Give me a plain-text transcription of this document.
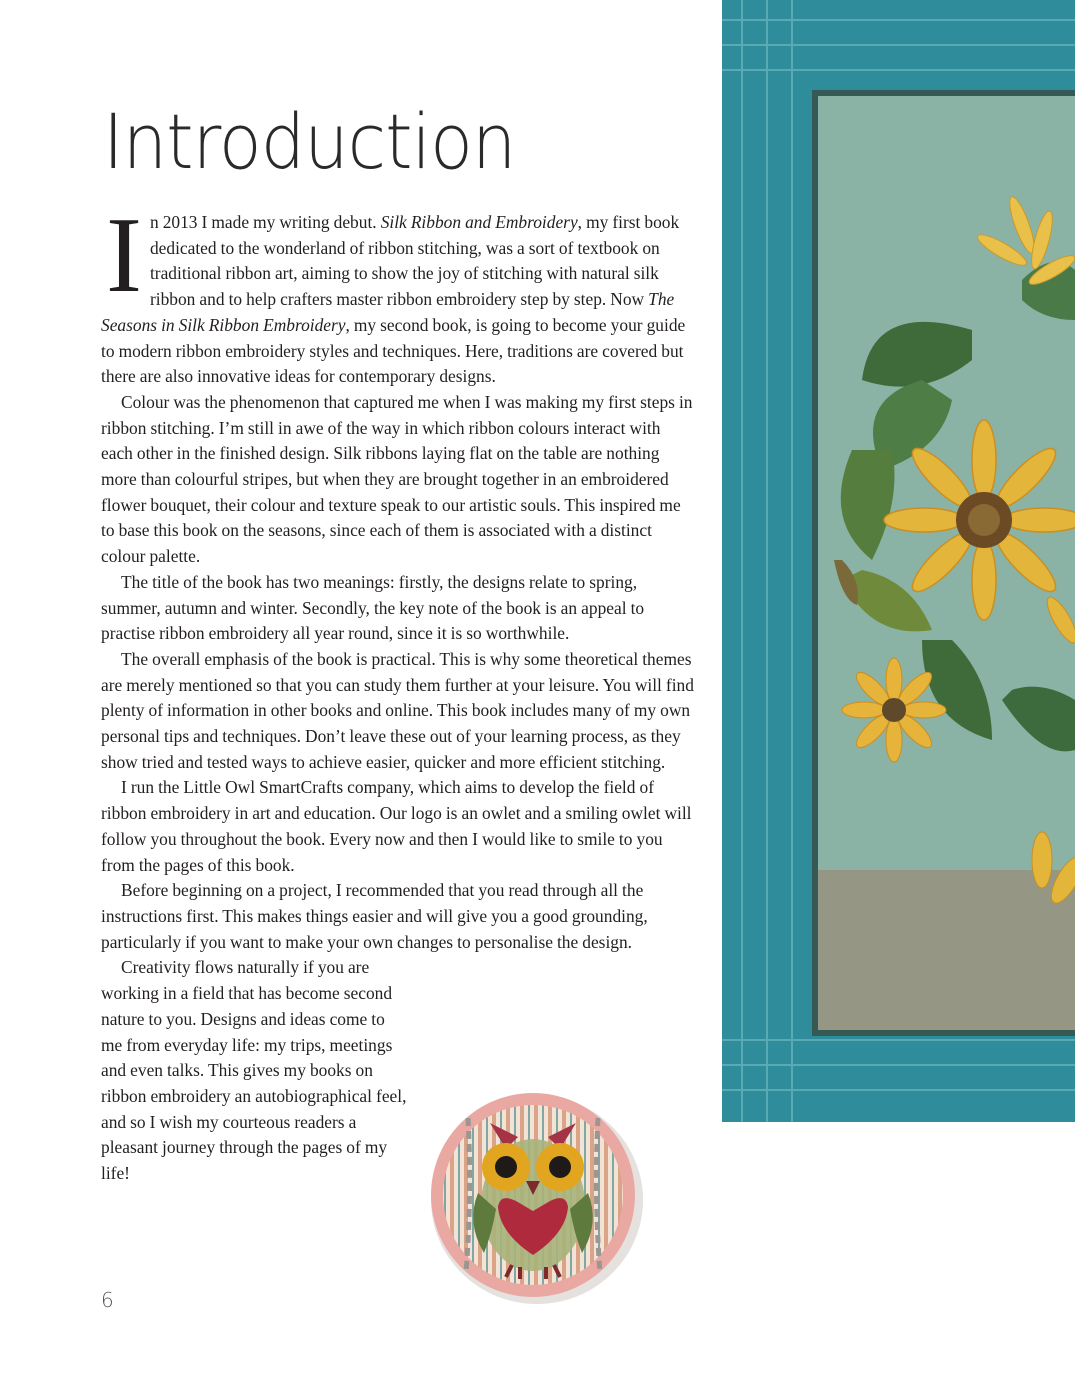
Introduction

In 2013 I made my writing debut. Silk Ribbon and Embroidery, my first book dedicated to the wonderland of ribbon stitching, was a sort of textbook on traditional ribbon art, aiming to show the joy of stitching with natural silk ribbon and to help crafters master ribbon embroidery step by step. Now The Seasons in Silk Ribbon Embroidery, my second book, is going to become your guide to modern ribbon embroidery styles and techniques. Here, traditions are covered but there are also innovative ideas for contemporary designs.

Colour was the phenomenon that captured me when I was making my first steps in ribbon stitching. I’m still in awe of the way in which ribbon colours interact with each other in the finished design. Silk ribbons laying flat on the table are nothing more than colourful stripes, but when they are brought together in an embroidered flower bouquet, their colour and texture speak to our artistic souls. This inspired me to base this book on the seasons, since each of them is associated with a distinct colour palette.

The title of the book has two meanings: firstly, the designs relate to spring, summer, autumn and winter. Secondly, the key note of the book is an appeal to practise ribbon embroidery all year round, since it is so worthwhile.

The overall emphasis of the book is practical. This is why some theoretical themes are merely mentioned so that you can study them further at your leisure. You will find plenty of information in other books and online. This book includes many of my own personal tips and techniques. Don’t leave these out of your learning process, as they show tried and tested ways to achieve easier, quicker and more efficient stitching.

I run the Little Owl SmartCrafts company, which aims to develop the field of ribbon embroidery in art and education. Our logo is an owlet and a smiling owlet will follow you throughout the book. Every now and then I would like to smile to you from the pages of this book.

Before beginning on a project, I recommended that you read through all the instructions first. This makes things easier and will give you a good grounding, particularly if you want to make your own changes to personalise the design.

Creativity flows naturally if you are working in a field that has become second nature to you. Designs and ideas come to me from everyday life: my trips, meetings and even talks. This gives my books on ribbon embroidery an autobiographical feel, and so I wish my courteous readers a pleasant journey through the pages of my life!

6
